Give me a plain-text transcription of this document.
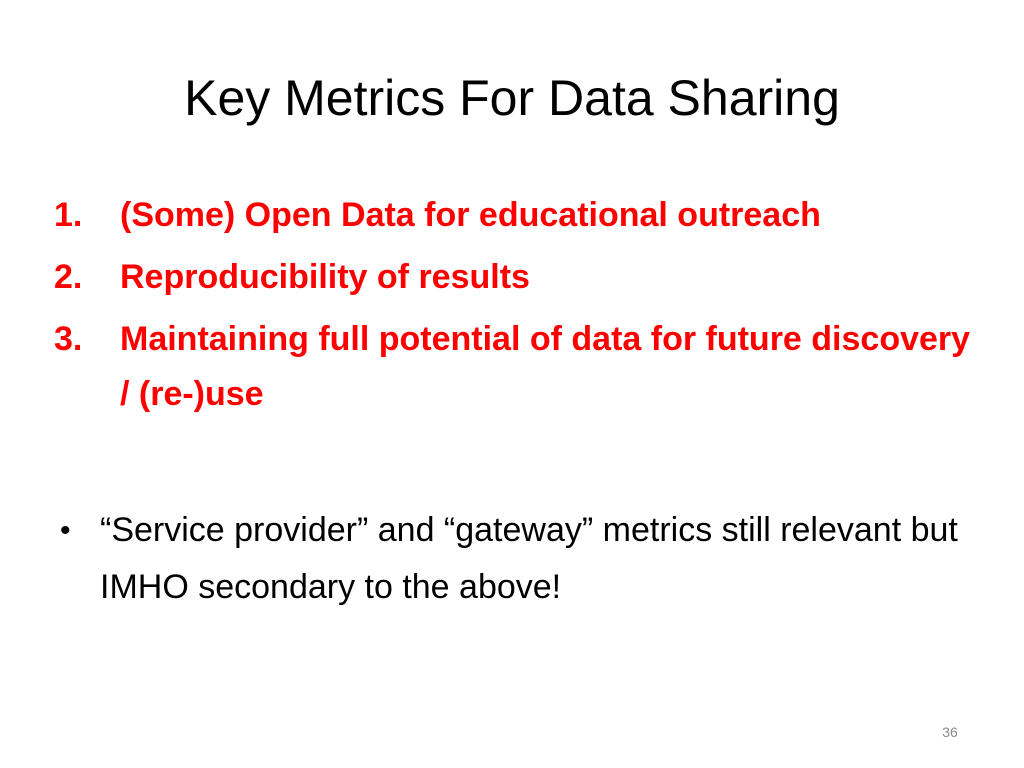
Key Metrics For Data Sharing
1.	(Some) Open Data for educational outreach
2.	Reproducibility of results
3.	Maintaining full potential of data for future discovery / (re-)use
• “Service provider” and “gateway” metrics still relevant but IMHO secondary to the above!
36
